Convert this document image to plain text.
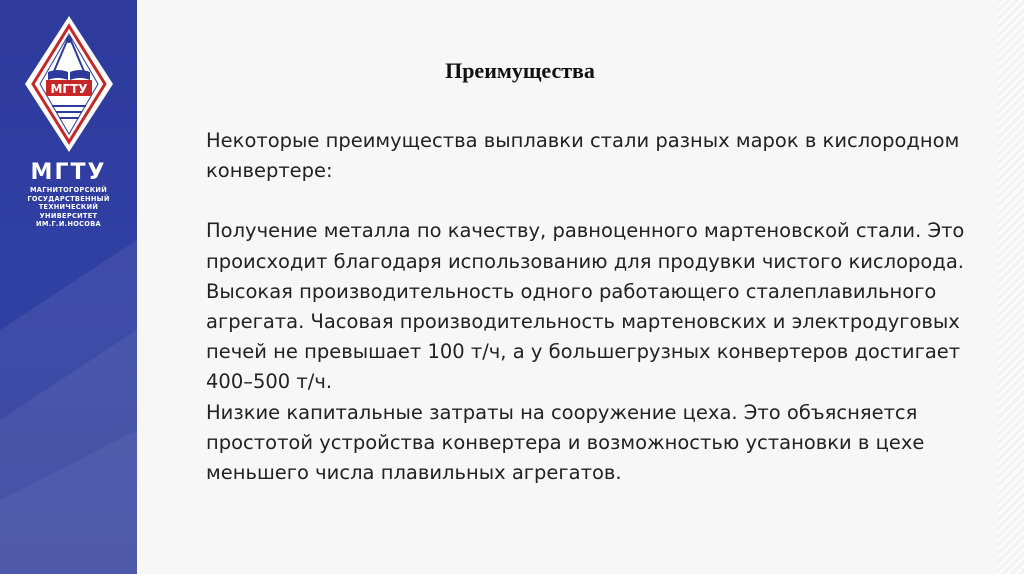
МГТУ
МГТУ
МАГНИТОГОРСКИЙ
ГОСУДАРСТВЕННЫЙ
ТЕХНИЧЕСКИЙ
УНИВЕРСИТЕТ
ИМ.Г.И.НОСОВА
Преимущества

Некоторые преимущества выплавки стали разных марок в кислородном конвертере:

Получение металла по качеству, равноценного мартеновской стали. Это происходит благодаря использованию для продувки чистого кислорода.

Высокая производительность одного работающего сталеплавильного агрегата. Часовая производительность мартеновских и электродуговых печей не превышает 100 т/ч, а у большегрузных конвертеров достигает 400–500 т/ч.

Низкие капитальные затраты на сооружение цеха. Это объясняется простотой устройства конвертера и возможностью установки в цехе меньшего числа плавильных агрегатов.
